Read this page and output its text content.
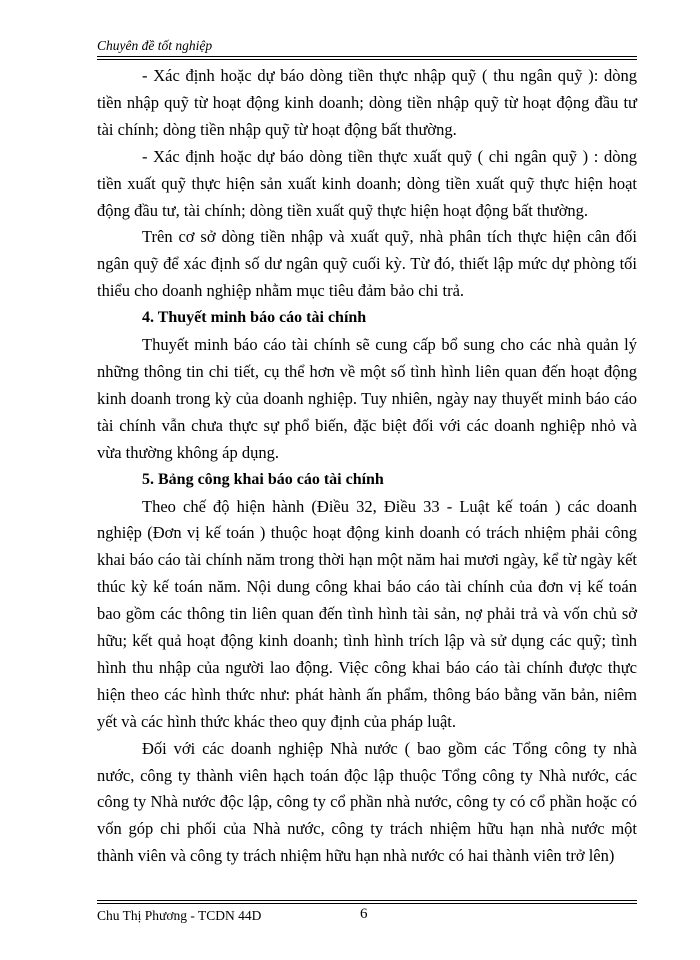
Chuyên đề tốt nghiệp

- Xác định hoặc dự báo dòng tiền thực nhập quỹ ( thu ngân quỹ ): dòng tiền nhập quỹ từ hoạt động kinh doanh; dòng tiền nhập quỹ từ hoạt động đầu tư tài chính; dòng tiền nhập quỹ từ hoạt động bất thường.

- Xác định hoặc dự báo dòng tiền thực xuất quỹ ( chi ngân quỹ ) : dòng tiền xuất quỹ thực hiện sản xuất kinh doanh; dòng tiền xuất quỹ thực hiện hoạt động đầu tư, tài chính; dòng tiền xuất quỹ thực hiện hoạt động bất thường.

Trên cơ sở dòng tiền nhập và xuất quỹ, nhà phân tích thực hiện cân đối ngân quỹ để xác định số dư ngân quỹ cuối kỳ. Từ đó, thiết lập mức dự phòng tối thiểu cho doanh nghiệp nhằm mục tiêu đảm bảo chi trả.

4. Thuyết minh báo cáo tài chính

Thuyết minh báo cáo tài chính sẽ cung cấp bổ sung cho các nhà quản lý những thông tin chi tiết, cụ thể hơn về một số tình hình liên quan đến hoạt động kinh doanh trong kỳ của doanh nghiệp. Tuy nhiên, ngày nay thuyết minh báo cáo tài chính vẫn chưa thực sự phổ biến, đặc biệt đối với các doanh nghiệp nhỏ và vừa thường không áp dụng.

5. Bảng công khai báo cáo tài chính

Theo chế độ hiện hành (Điều 32, Điều 33 - Luật kế toán ) các doanh nghiệp (Đơn vị kế toán ) thuộc hoạt động kinh doanh có trách nhiệm phải công khai báo cáo tài chính năm trong thời hạn một năm hai mươi ngày, kể từ ngày kết thúc kỳ kế toán năm. Nội dung công khai báo cáo tài chính của đơn vị kế toán bao gồm các thông tin liên quan đến tình hình tài sản, nợ phải trả và vốn chủ sở hữu; kết quả hoạt động kinh doanh; tình hình trích lập và sử dụng các quỹ; tình hình thu nhập của người lao động. Việc công khai báo cáo tài chính được thực hiện theo các hình thức như: phát hành ấn phẩm, thông báo bằng văn bản, niêm yết và các hình thức khác theo quy định của pháp luật.

Đối với các doanh nghiệp Nhà nước ( bao gồm các Tổng công ty nhà nước, công ty thành viên hạch toán độc lập thuộc Tổng công ty Nhà nước, các công ty Nhà nước độc lập, công ty cổ phần nhà nước, công ty có cổ phần hoặc có vốn góp chi phối của Nhà nước, công ty trách nhiệm hữu hạn nhà nước một thành viên và công ty trách nhiệm hữu hạn nhà nước có hai thành viên trở lên)

Chu Thị Phương - TCDN 44D	6
